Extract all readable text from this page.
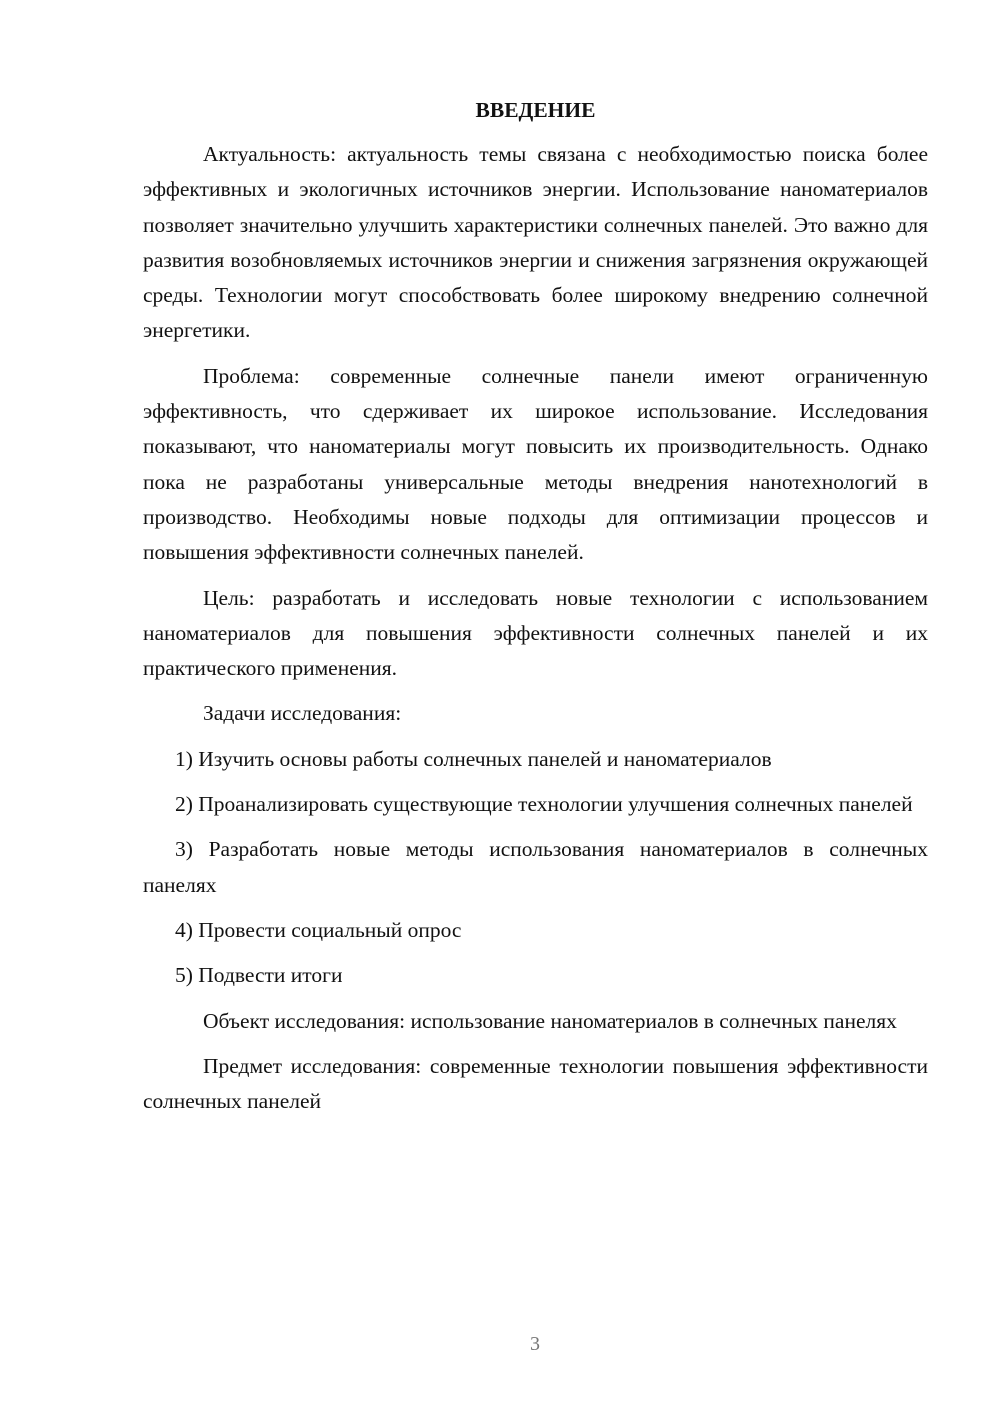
ВВЕДЕНИЕ

Актуальность: актуальность темы связана с необходимостью поиска более эффективных и экологичных источников энергии. Использование наноматериалов позволяет значительно улучшить характеристики солнечных панелей. Это важно для развития возобновляемых источников энергии и снижения загрязнения окружающей среды. Технологии могут способствовать более широкому внедрению солнечной энергетики.

Проблема: современные солнечные панели имеют ограниченную эффективность, что сдерживает их широкое использование. Исследования показывают, что наноматериалы могут повысить их производительность. Однако пока не разработаны универсальные методы внедрения нанотехнологий в производство. Необходимы новые подходы для оптимизации процессов и повышения эффективности солнечных панелей.

Цель: разработать и исследовать новые технологии с использованием наноматериалов для повышения эффективности солнечных панелей и их практического применения.

Задачи исследования:

1) Изучить основы работы солнечных панелей и наноматериалов

2) Проанализировать существующие технологии улучшения солнечных панелей

3) Разработать новые методы использования наноматериалов в солнечных панелях

4) Провести социальный опрос

5) Подвести итоги

Объект исследования: использование наноматериалов в солнечных панелях

Предмет исследования: современные технологии повышения эффективности солнечных панелей

3
